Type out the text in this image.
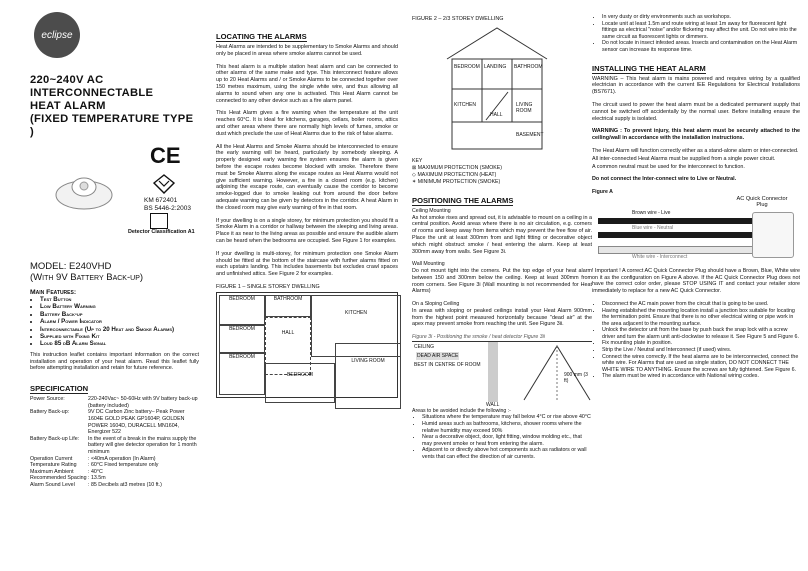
eclipse
220~240V AC
INTERCONNECTABLE
HEAT ALARM
(FIXED TEMPERATURE TYPE )
CE
KM 672401
BS 5446-2:2003
Detector Classification A1
MODEL: E240VHD
(With 9V Battery Back-up)
Main Features:
• Test Button
• Low Battery Warning
• Battery Back-up
• Alarm / Power Indicator
• Interconnectable (Up to 20 Heat and Smoke Alarms)
• Supplied with Fixing Kit
• Loud 85 dB Alarm Signal

This instruction leaflet contains important information on the correct installation and operation of your heat alarm. Read this leaflet fully before attempting installation and retain for future reference.

SPECIFICATION
Power Source:	220-240Vac~ 50-60Hz with 9V battery back-up (battery included)
Battery Back-up:	9V DC Carbon Zinc battery– Peak Power 1604E GOLD PEAK GP1604P, GOLDEN POWER 1604D, DURACELL MN1604, Energizer 522
Battery Back-up Life:	In the event of a break in the mains supply the battery will give detector operation for 1 month minimum
Operation Current	: <40mA operation (In Alarm)
Temperature Rating	: 60°C Fixed temperature only
Maximum Ambient	: 40°C
Recommended Spacing : 13.5m
Alarm Sound Level	: 85 Decibels at3 metres (10 ft.)
LOCATING THE ALARMS

Heat Alarms are intended to be supplementary to Smoke Alarms and should only be placed in areas where smoke alarms cannot be used.

This heat alarm is a multiple station heat alarm and can be connected to other alarms of the same make and type. This interconnect feature allows up to 20 Heat Alarms and / or Smoke Alarms to be connected together over 150 metres maximum, using the single white wire, and thus allowing all alarms to sound when any one is activated. This Heat Alarm cannot be connected to any other device such as a fire alarm panel.

This Heat Alarm gives a fire warning when the temperature at the unit reaches 60°C. It is ideal for kitchens, garages, cellars, boiler rooms, attics and other areas where there are normally high levels of fumes, smoke or dust which preclude the use of Heat Alarms due to the risk of false alarms.

All the Heat Alarms and Smoke Alarms should be interconnected to ensure the early warning will be heard, particularly by somebody sleeping. A properly designed early warning fire system ensures the alarm is given before the escape routes become blocked with smoke. Therefore there must be Smoke Alarms along the escape routes as Heat Alarms would not give sufficient warning. However, a fire in a closed room (e.g. kitchen) adjoining the escape route, can eventually cause the corridor to become smoke-logged due to smoke leaking out from around the door before adequate warning can be given by detectors in the corridor. A heat Alarm in the closed room may give early warning of fire in that room.

If your dwelling is on a single storey, for minimum protection you should fit a Smoke Alarm in a corridor or hallway between the sleeping and living areas. Place it as near to the living areas as possible and ensure the audible alarm can be heard when the bedrooms are occupied. See Figure 1 for examples.

If your dwelling is multi-storey, for minimum protection one Smoke Alarm should be fitted at the bottom of the staircase with further alarms fitted on each upstairs landing. This includes basements but excludes crawl spaces and unfinished attics. See Figure 2 for examples.

FIGURE 1 – SINGLE STOREY DWELLING
BEDROOM	BATHROOM
KITCHEN
BEDROOM
HALL
BEDROOM
BEDROOM
LIVING ROOM
FIGURE 2 – 2/3 STOREY DWELLING
BEDROOM LANDING BATHROOM
KITCHEN
HALL
LIVING ROOM
BASEMENT
KEY
⊠ MAXIMUM PROTECTION (SMOKE)
◇ MAXIMUM PROTECTION (HEAT)
✶ MINIMUM PROTECTION (SMOKE)
POSITIONING THE ALARMS
Ceiling Mounting

As hot smoke rises and spread out, it is advisable to mount on a ceiling in a central position. Avoid areas where there is no air circulation, e.g. corners of rooms and keep away from items which may prevent the free flow of air. Place the unit at least 300mm from and light fitting or decorative object which might obstruct smoke / heat entering the alarm. Keep at least 300mm away from walls. See Figure 3i.

Wall Mounting

Do not mount tight into the corners. Put the top edge of your heat alarm between 150 and 300mm below the ceiling. Keep at least 300mm from room corners. See Figure 3i (Wall mounting is not recommended for Heat Alarms)

On a Sloping Ceiling

In areas with sloping or peaked ceilings install your Heat Alarm 900mm from the highest point measured horizontally because "dead air" at the apex may prevent smoke from reaching the unit. See Figure 3ii.

Figure 3i - Positioning the smoke / heat detector Figure 3ii
CEILING
DEAD AIR SPACE
BEST IN CENTRE OF ROOM
WALL
900 mm (3 ft)
Areas to be avoided include the following :-
• Situations where the temperature may fall below 4°C or rise above 40°C
• Humid areas such as bathrooms, kitchens, shower rooms where the relative humidity may exceed 90%
• Near a decorative object, door, light fitting, window molding etc., that may prevent smoke or heat from entering the alarm.
• Adjacent to or directly above hot components such as radiators or wall vents that can effect the direction of air currents.
• In very dusty or dirty environments such as workshops.
• Locate unit at least 1.5m and route wiring at least 1m away for fluorescent light fittings as electrical "noise" and/or flickering may affect the unit. Do not wire into the same circuit as fluorescent lights or dimmers.
• Do not locate in insect infested areas. Insects and contamination on the Heat Alarm sensor can increase its response time.
INSTALLING THE HEAT ALARM

WARNING – This heat alarm is mains powered and requires wiring by a qualified electrician in accordance with the current IEE Regulations for Electrical Installations (BS7671).

The circuit used to power the heat alarm must be a dedicated permanent supply that cannot be switched off accidentally by the normal user. Before installing ensure the electrical supply is isolated.

WARNING : To prevent injury, this heat alarm must be securely attached to the ceiling/wall in accordance with the installation instructions.

The Heat Alarm will function correctly either as a stand-alone alarm or inter-connected.

All inter-connected Heat Alarms must be supplied from a single power circuit.

A common neutral must be used for the interconnect to function.

Do not connect the Inter-connect wire to Live or Neutral.

Figure A
AC Quick Connector Plug
Brown wire - Live
Blue wire - Neutral
White wire - Interconnect

! Important ! A correct AC Quick Connector Plug should have a Brown, Blue, White wire on it as the configuration on Figure A above. If the AC Quick Connector Plug does not have the correct color order, please STOP USING IT and contact your retailer store immediately to replace for a new AC Quick Connector.

• Disconnect the AC main power from the circuit that is going to be used.
• Having established the mounting location install a junction box suitable for locating the termination point. Ensure that there is no other electrical wiring or pipe work in the area adjacent to the mounting surface.
• Unlock the detector unit from the base by push back the snap lock with a screw driver and turn the alarm unit anti-clockwise to release it. See Figure 5 and Figure 6.
• Fix mounting plate in position.
• Strip the Live / Neutral and Interconnect (if used) wires.
• Connect the wires correctly. If the heat alarms are to be interconnected, connect the white wire. For Alarms that are used as single station, DO NOT CONNECT THE WHITE WIRE TO ANYTHING. Ensure the screws are fully tightened. See Figure 6.
• The alarm must be wired in accordance with National wiring codes.
